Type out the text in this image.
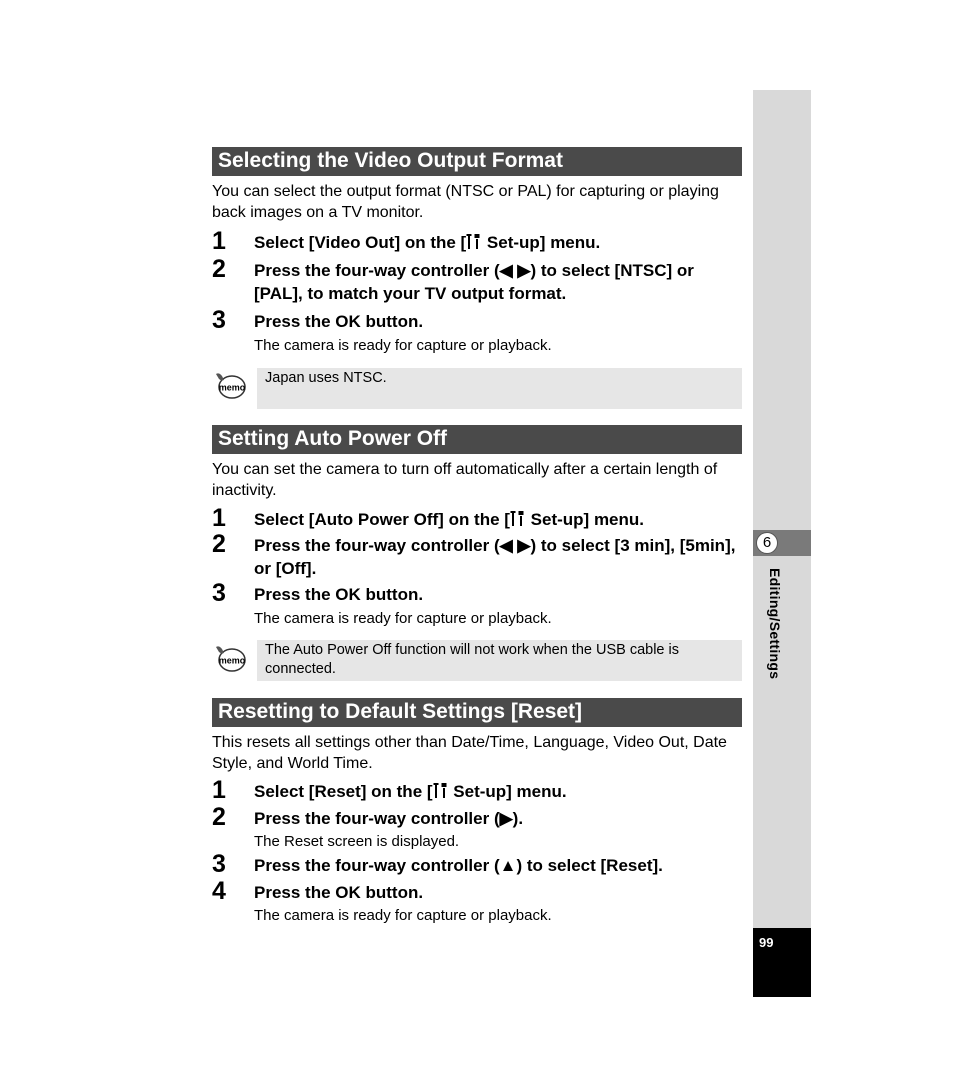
6
Editing/Settings
99
Selecting the Video Output Format
You can select the output format (NTSC or PAL) for capturing or playing back images on a TV monitor.
1 Select [Video Out] on the [ Set-up] menu.
2 Press the four-way controller (◀ ▶) to select [NTSC] or [PAL], to match your TV output format.
3 Press the OK button.
The camera is ready for capture or playback.
memo
Japan uses NTSC.
Setting Auto Power Off
You can set the camera to turn off automatically after a certain length of inactivity.
1 Select [Auto Power Off] on the [ Set-up] menu.
2 Press the four-way controller (◀ ▶) to select [3 min], [5min], or [Off].
3 Press the OK button.
The camera is ready for capture or playback.
memo
The Auto Power Off function will not work when the USB cable is connected.
Resetting to Default Settings [Reset]
This resets all settings other than Date/Time, Language, Video Out, Date Style, and World Time.
1 Select [Reset] on the [ Set-up] menu.
2 Press the four-way controller (▶).
The Reset screen is displayed.
3 Press the four-way controller (▲) to select [Reset].
4 Press the OK button.
The camera is ready for capture or playback.
